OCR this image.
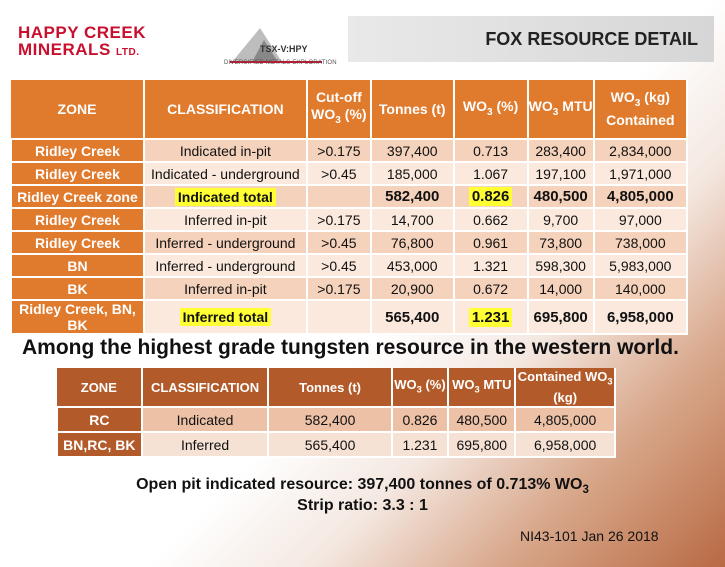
HAPPY CREEK
MINERALS LTD.	TSX-V:HPY
DIVERSIFIED METALS EXPLORATION
FOX RESOURCE DETAIL
ZONE	CLASSIFICATION	Cut-off $WO_3$ (%)	Tonnes (t)	$WO_3$ (%)	$WO_3$ MTU	$WO_3$ (kg) Contained
Ridley Creek	Indicated in-pit	>0.175	397,400	0.713	283,400	2,834,000
Ridley Creek	Indicated - underground	>0.45	185,000	1.067	197,100	1,971,000
Ridley Creek zone	Indicated total		582,400	0.826	480,500	4,805,000
Ridley Creek	Inferred in-pit	>0.175	14,700	0.662	9,700	97,000
Ridley Creek	Inferred - underground	>0.45	76,800	0.961	73,800	738,000
BN	Inferred - underground	>0.45	453,000	1.321	598,300	5,983,000
BK	Inferred in-pit	>0.175	20,900	0.672	14,000	140,000
Ridley Creek, BN, BK	Inferred total		565,400	1.231	695,800	6,958,000
Among the highest grade tungsten resource in the western world.
ZONE	CLASSIFICATION	Tonnes (t)	$WO_3$ (%)	$WO_3$ MTU	Contained $WO_3$ (kg)
RC	Indicated	582,400	0.826	480,500	4,805,000
BN,RC, BK	Inferred	565,400	1.231	695,800	6,958,000
Open pit indicated resource: 397,400 tonnes of 0.713% $WO_3$
Strip ratio: 3.3 : 1
NI43-101 Jan 26 2018
